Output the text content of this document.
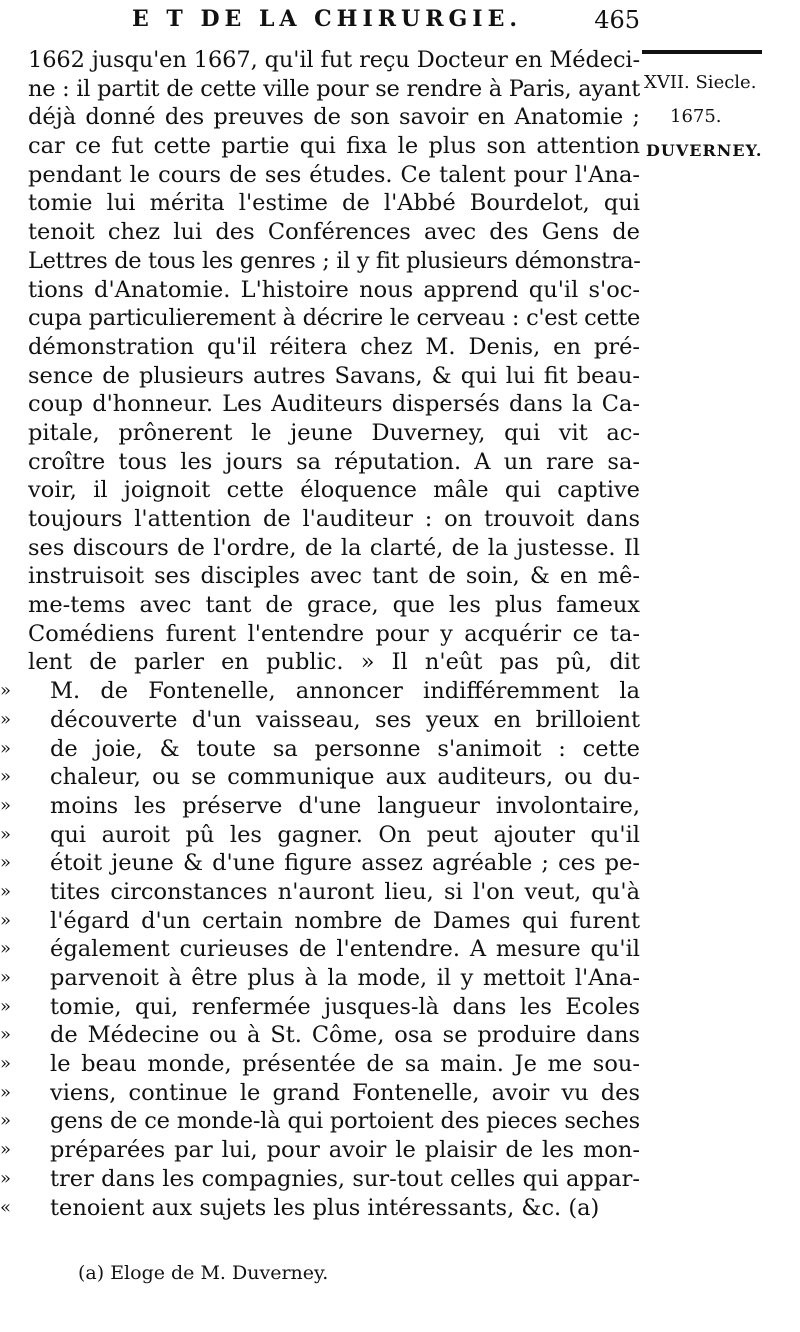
E T DE LA CHIRURGIE.	465
XVII. Siecle.
1675.
DUVERNEY.
1662 jusqu'en 1667, qu'il fut reçu Docteur en Médeci-
ne : il partit de cette ville pour se rendre à Paris, ayant
déjà donné des preuves de son savoir en Anatomie ;
car ce fut cette partie qui fixa le plus son attention
pendant le cours de ses études. Ce talent pour l'Ana-
tomie lui mérita l'estime de l'Abbé Bourdelot, qui
tenoit chez lui des Conférences avec des Gens de
Lettres de tous les genres ; il y fit plusieurs démonstra-
tions d'Anatomie. L'histoire nous apprend qu'il s'oc-
cupa particulierement à décrire le cerveau : c'est cette
démonstration qu'il réitera chez M. Denis, en pré-
sence de plusieurs autres Savans, & qui lui fit beau-
coup d'honneur. Les Auditeurs dispersés dans la Ca-
pitale, prônerent le jeune Duverney, qui vit ac-
croître tous les jours sa réputation. A un rare sa-
voir, il joignoit cette éloquence mâle qui captive
toujours l'attention de l'auditeur : on trouvoit dans
ses discours de l'ordre, de la clarté, de la justesse. Il
instruisoit ses disciples avec tant de soin, & en mê-
me-tems avec tant de grace, que les plus fameux
Comédiens furent l'entendre pour y acquérir ce ta-
lent de parler en public. » Il n'eût pas pû, dit
» M. de Fontenelle, annoncer indifféremment la
» découverte d'un vaisseau, ses yeux en brilloient
» de joie, & toute sa personne s'animoit : cette
» chaleur, ou se communique aux auditeurs, ou du-
» moins les préserve d'une langueur involontaire,
» qui auroit pû les gagner. On peut ajouter qu'il
» étoit jeune & d'une figure assez agréable ; ces pe-
» tites circonstances n'auront lieu, si l'on veut, qu'à
» l'égard d'un certain nombre de Dames qui furent
» également curieuses de l'entendre. A mesure qu'il
» parvenoit à être plus à la mode, il y mettoit l'Ana-
» tomie, qui, renfermée jusques-là dans les Ecoles
» de Médecine ou à St. Côme, osa se produire dans
» le beau monde, présentée de sa main. Je me sou-
» viens, continue le grand Fontenelle, avoir vu des
» gens de ce monde-là qui portoient des pieces seches
» préparées par lui, pour avoir le plaisir de les mon-
» trer dans les compagnies, sur-tout celles qui appar-
« tenoient aux sujets les plus intéressants, &c. (a)
(a) Eloge de M. Duverney.
